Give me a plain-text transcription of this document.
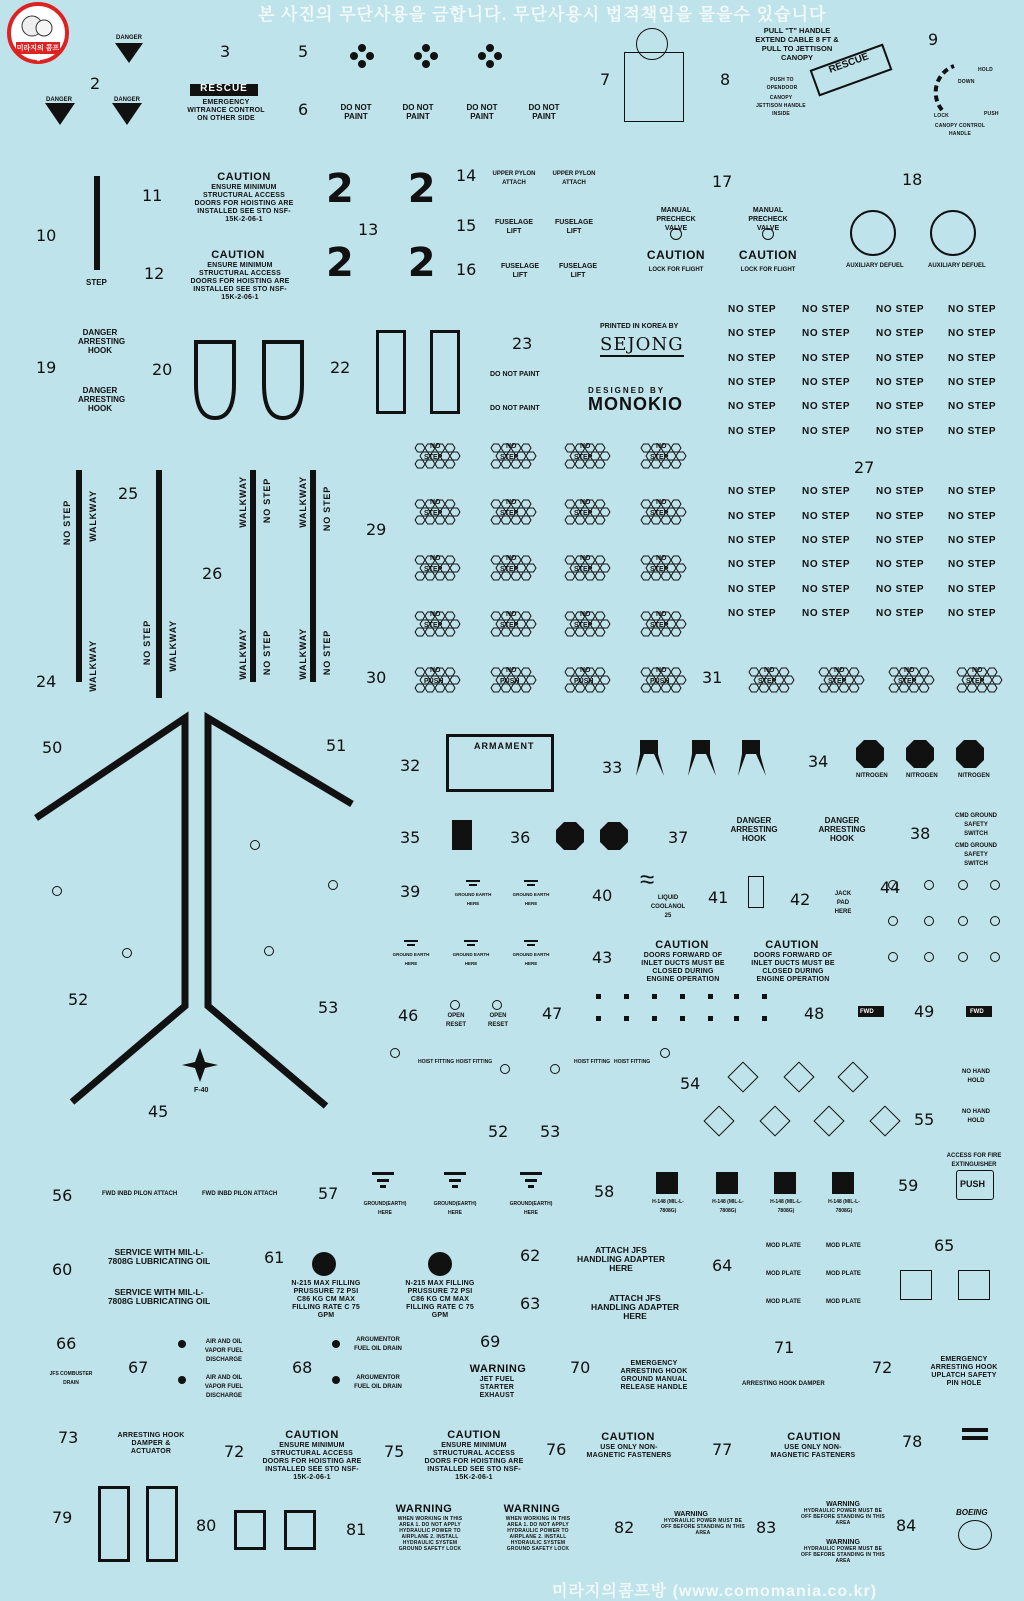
본 사진의 무단사용을 금합니다. 무단사용시 법적책임을 물을수 있습니다
미라지의콤프방 (www.comomania.co.kr)
미라지의 콤프방
2
3	5
6
7	8
9
10
11
12
13
14
15
16
17	18
19	20	22
23
24
25
26
27
29
30	31
32	33	34
35	36	37	38
39	40	41	42
43
44
45
46	47	48	49
50	51
52	53
54
55
56	57	58	59
60
61	62
63
64
65
66
67	68
69
70
71
72
73
75	76	77	78
79	80	81	82	83	84
52 53
72
DANGER
DANGER	DANGER
RESCUE
EMERGENCY WITRANCE CONTROL ON OTHER SIDE
DO NOT PAINT
DO NOT PAINT
DO NOT PAINT
DO NOT PAINT
PULL "T" HANDLE EXTEND CABLE 8 FT & PULL TO JETTISON CANOPY	RESCUE
PUSH TO OPENDOOR
CANOPY JETTISON HANDLE INSIDE
CANOPY CONTROL HANDLE
LOCK
DOWN
HOLD
PUSH
STEP
CAUTION
ENSURE MINIMUM STRUCTURAL ACCESS DOORS FOR HOISTING ARE INSTALLED SEE STO NSF-15K-2-06-1
CAUTION
ENSURE MINIMUM STRUCTURAL ACCESS DOORS FOR HOISTING ARE INSTALLED SEE STO NSF-15K-2-06-1
2 2
2 2
UPPER PYLON ATTACH
UPPER PYLON ATTACH
FUSELAGE LIFT
FUSELAGE LIFT
FUSELAGE LIFT
FUSELAGE LIFT
MANUAL PRECHECK VALVE
CAUTION
LOCK FOR FLIGHT
MANUAL PRECHECK VALVE
CAUTION
LOCK FOR FLIGHT
AUXILIARY DEFUEL	AUXILIARY DEFUEL
DANGER ARRESTING HOOK
DANGER ARRESTING HOOK
DO NOT PAINT
DO NOT PAINT
PRINTED IN KOREA BY
SEJONG
DESIGNED BY
MONOKIO
NO STEP	NO STEP	NO STEP NO STEP
NO STEP	NO STEP	NO STEP NO STEP
NO STEP	NO STEP	NO STEP NO STEP
NO STEP	NO STEP	NO STEP NO STEP
NO STEP	NO STEP	NO STEP NO STEP
NO STEP	NO STEP	NO STEP NO STEP
NO STEP	NO STEP	NO STEP NO STEP
NO STEP	NO STEP	NO STEP NO STEP
NO STEP	NO STEP	NO STEP NO STEP
NO STEP	NO STEP	NO STEP NO STEP
NO STEP	NO STEP	NO STEP NO STEP
NO STEP	NO STEP	NO STEP NO STEP
NO STEP WALKWAY
WALKWAY	NO STEP WALKWAY
WALKWAY NO STEP
WALKWAY NO STEP
WALKWAY NO STEP
WALKWAY NO STEP
NO
STEP
NO
STEP
NO
STEP
NO
STEP
NO
STEP
NO
STEP
NO
STEP
NO
STEP
NO
STEP
NO
STEP
NO
STEP
NO
STEP
NO
STEP
NO
STEP
NO
STEP
NO
STEP
NO
PUSH
NO
PUSH
NO
PUSH
NO
PUSH
NO
STEP
NO
STEP
NO
STEP
NO
STEP
F-40
ARMAMENT
NITROGEN	NITROGEN	NITROGEN
DANGER ARRESTING HOOK
DANGER ARRESTING HOOK
CMD GROUND SAFETY SWITCH
CMD GROUND SAFETY SWITCH
GROUND EARTH HERE
GROUND EARTH HERE
GROUND EARTH HERE
GROUND EARTH HERE
GROUND EARTH HERE
≈
LIQUID COOLANOL 25
JACK PAD HERE
CAUTION
DOORS FORWARD OF INLET DUCTS MUST BE CLOSED DURING ENGINE OPERATION
CAUTION
DOORS FORWARD OF INLET DUCTS MUST BE CLOSED DURING ENGINE OPERATION
OPEN RESET
OPEN RESET
FWD	FWD
HOIST FITTING HOIST FITTING	HOIST FITTING HOIST FITTING
NO HAND HOLD
NO HAND HOLD
FWD INBD PILON ATTACH	FWD INBD PILON ATTACH
GROUND(EARTH) HERE
GROUND(EARTH) HERE
GROUND(EARTH) HERE
H-148 (MIL-L-7808G)
H-148 (MIL-L-7808G)
H-148 (MIL-L-7808G)
H-148 (MIL-L-7808G)
ACCESS FOR FIRE EXTINGUISHER
PUSH
SERVICE WITH MIL-L-7808G LUBRICATING OIL
SERVICE WITH MIL-L-7808G LUBRICATING OIL
N-215 MAX FILLING PRUSSURE 72 PSI C86 KG CM MAX FILLING RATE C 75 GPM
N-215 MAX FILLING PRUSSURE 72 PSI C86 KG CM MAX FILLING RATE C 75 GPM
ATTACH JFS HANDLING ADAPTER HERE
ATTACH JFS HANDLING ADAPTER HERE
MOD PLATE	MOD PLATE
MOD PLATE	MOD PLATE
MOD PLATE	MOD PLATE
JFS COMBUSTER DRAIN
AIR AND OIL VAPOR FUEL DISCHARGE
AIR AND OIL VAPOR FUEL DISCHARGE
ARGUMENTOR FUEL OIL DRAIN
ARGUMENTOR FUEL OIL DRAIN
WARNING
JET FUEL STARTER EXHAUST
EMERGENCY ARRESTING HOOK GROUND MANUAL RELEASE HANDLE	ARRESTING HOOK DAMPER
EMERGENCY ARRESTING HOOK UPLATCH SAFETY PIN HOLE
ARRESTING HOOK DAMPER & ACTUATOR
CAUTION
ENSURE MINIMUM STRUCTURAL ACCESS DOORS FOR HOISTING ARE INSTALLED SEE STO NSF-15K-2-06-1
CAUTION
ENSURE MINIMUM STRUCTURAL ACCESS DOORS FOR HOISTING ARE INSTALLED SEE STO NSF-15K-2-06-1
CAUTION
USE ONLY NON-MAGNETIC FASTENERS
CAUTION
USE ONLY NON-MAGNETIC FASTENERS
WARNING
WHEN WORKING IN THIS AREA 1. DO NOT APPLY HYDRAULIC POWER TO AIRPLANE 2. INSTALL HYDRAULIC SYSTEM GROUND SAFETY LOCK
WARNING
WHEN WORKING IN THIS AREA 1. DO NOT APPLY HYDRAULIC POWER TO AIRPLANE 2. INSTALL HYDRAULIC SYSTEM GROUND SAFETY LOCK
WARNING
HYDRAULIC POWER MUST BE OFF BEFORE STANDING IN THIS AREA
WARNING
HYDRAULIC POWER MUST BE OFF BEFORE STANDING IN THIS AREA
WARNING
HYDRAULIC POWER MUST BE OFF BEFORE STANDING IN THIS AREA
BOEING
